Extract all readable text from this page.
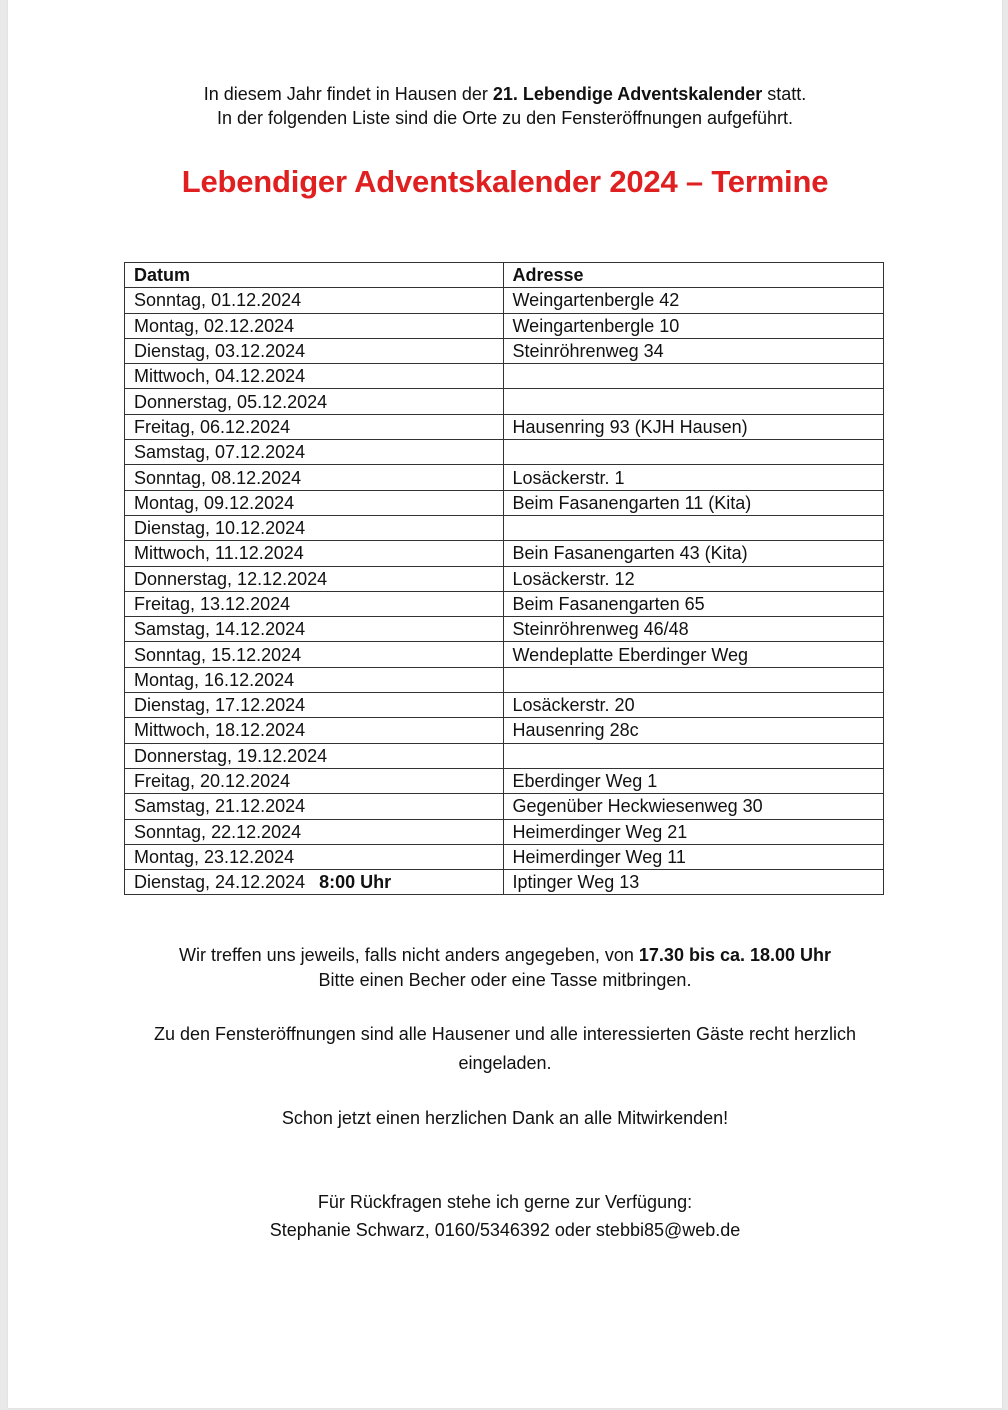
In diesem Jahr findet in Hausen der 21. Lebendige Adventskalender statt.

In der folgenden Liste sind die Orte zu den Fensteröffnungen aufgeführt.

Lebendiger Adventskalender 2024 – Termine
Datum	Adresse
Sonntag, 01.12.2024	Weingartenbergle 42
Montag, 02.12.2024	Weingartenbergle 10
Dienstag, 03.12.2024	Steinröhrenweg 34
Mittwoch, 04.12.2024	
Donnerstag, 05.12.2024	
Freitag, 06.12.2024	Hausenring 93 (KJH Hausen)
Samstag, 07.12.2024	
Sonntag, 08.12.2024	Losäckerstr. 1
Montag, 09.12.2024	Beim Fasanengarten 11 (Kita)
Dienstag, 10.12.2024	
Mittwoch, 11.12.2024	Bein Fasanengarten 43 (Kita)
Donnerstag, 12.12.2024	Losäckerstr. 12
Freitag, 13.12.2024	Beim Fasanengarten 65
Samstag, 14.12.2024	Steinröhrenweg 46/48
Sonntag, 15.12.2024	Wendeplatte Eberdinger Weg
Montag, 16.12.2024	
Dienstag, 17.12.2024	Losäckerstr. 20
Mittwoch, 18.12.2024	Hausenring 28c
Donnerstag, 19.12.2024	
Freitag, 20.12.2024	Eberdinger Weg 1
Samstag, 21.12.2024	Gegenüber Heckwiesenweg 30
Sonntag, 22.12.2024	Heimerdinger Weg 21
Montag, 23.12.2024	Heimerdinger Weg 11
Dienstag, 24.12.2024 8:00 Uhr	Iptinger Weg 13

Wir treffen uns jeweils, falls nicht anders angegeben, von 17.30 bis ca. 18.00 Uhr

Bitte einen Becher oder eine Tasse mitbringen.

Zu den Fensteröffnungen sind alle Hausener und alle interessierten Gäste recht herzlich

eingeladen.

Schon jetzt einen herzlichen Dank an alle Mitwirkenden!

Für Rückfragen stehe ich gerne zur Verfügung:

Stephanie Schwarz, 0160/5346392 oder stebbi85@web.de
